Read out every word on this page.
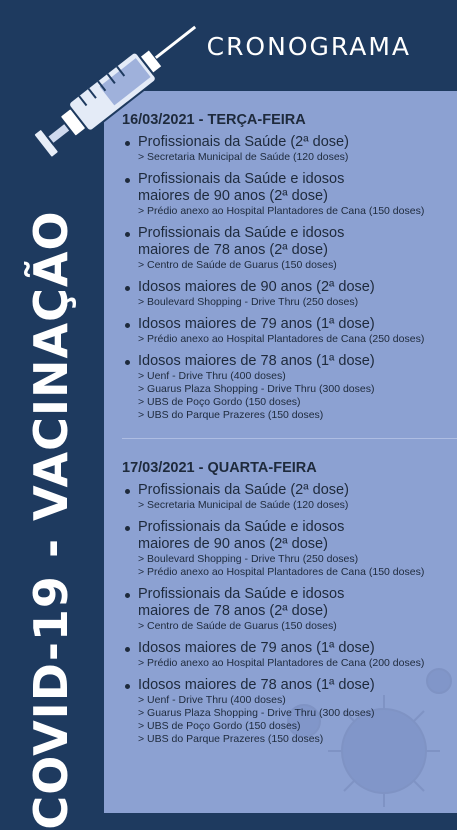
16/03/2021 - TERÇA-FEIRA
Profissionais da Saúde (2ª dose)
> Secretaria Municipal de Saúde (120 doses)
Profissionais da Saúde e idosos
maiores de 90 anos (2ª dose)
> Prédio anexo ao Hospital Plantadores de Cana (150 doses)
Profissionais da Saúde e idosos
maiores de 78 anos (2ª dose)
> Centro de Saúde de Guarus (150 doses)
Idosos maiores de 90 anos (2ª dose)
> Boulevard Shopping - Drive Thru (250 doses)
Idosos maiores de 79 anos (1ª dose)
> Prédio anexo ao Hospital Plantadores de Cana (250 doses)
Idosos maiores de 78 anos (1ª dose)
> Uenf - Drive Thru (400 doses)
> Guarus Plaza Shopping - Drive Thru (300 doses)
> UBS de Poço Gordo (150 doses)
> UBS do Parque Prazeres (150 doses)
17/03/2021 - QUARTA-FEIRA
Profissionais da Saúde (2ª dose)
> Secretaria Municipal de Saúde (120 doses)
Profissionais da Saúde e idosos
maiores de 90 anos (2ª dose)
> Boulevard Shopping - Drive Thru (250 doses)
> Prédio anexo ao Hospital Plantadores de Cana (150 doses)
Profissionais da Saúde e idosos
maiores de 78 anos (2ª dose)
> Centro de Saúde de Guarus (150 doses)
Idosos maiores de 79 anos (1ª dose)
> Prédio anexo ao Hospital Plantadores de Cana (200 doses)
Idosos maiores de 78 anos (1ª dose)
> Uenf - Drive Thru (400 doses)
> Guarus Plaza Shopping - Drive Thru (300 doses)
> UBS de Poço Gordo (150 doses)
> UBS do Parque Prazeres (150 doses)
CRONOGRAMA
COVID-19 - VACINAÇÃO
